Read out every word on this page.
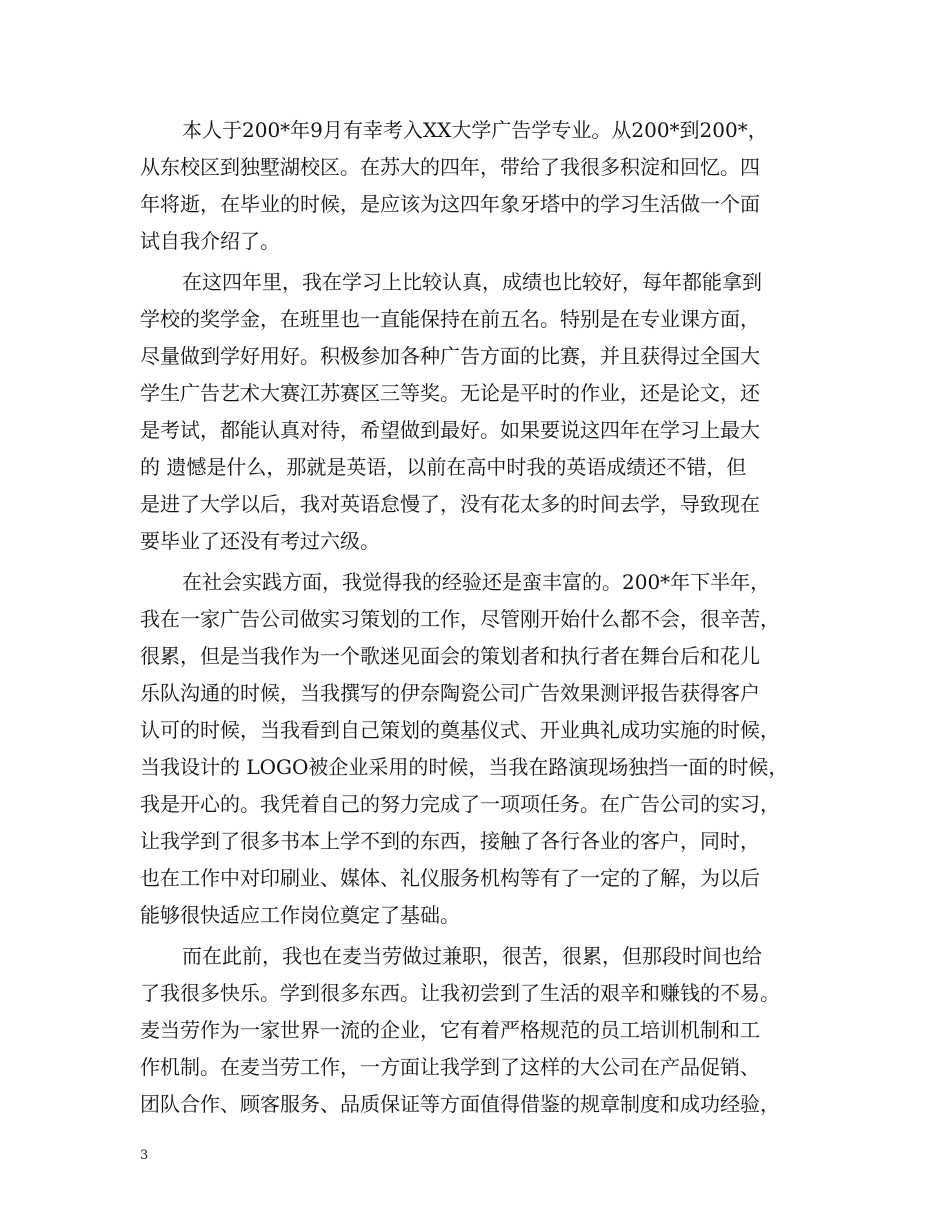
本人于200*年9月有幸考入XX大学广告学专业。从200*到200*，
从东校区到独墅湖校区。在苏大的四年，带给了我很多积淀和回忆。四
年将逝，在毕业的时候，是应该为这四年象牙塔中的学习生活做一个面
试自我介绍了。
在这四年里，我在学习上比较认真，成绩也比较好，每年都能拿到
学校的奖学金，在班里也一直能保持在前五名。特别是在专业课方面，
尽量做到学好用好。积极参加各种广告方面的比赛，并且获得过全国大
学生广告艺术大赛江苏赛区三等奖。无论是平时的作业，还是论文，还
是考试，都能认真对待，希望做到最好。如果要说这四年在学习上最大
的 遗憾是什么，那就是英语，以前在高中时我的英语成绩还不错，但
是进了大学以后，我对英语怠慢了，没有花太多的时间去学，导致现在
要毕业了还没有考过六级。
在社会实践方面，我觉得我的经验还是蛮丰富的。200*年下半年，
我在一家广告公司做实习策划的工作，尽管刚开始什么都不会，很辛苦，
很累，但是当我作为一个歌迷见面会的策划者和执行者在舞台后和花儿
乐队沟通的时候，当我撰写的伊奈陶瓷公司广告效果测评报告获得客户
认可的时候，当我看到自己策划的奠基仪式、开业典礼成功实施的时候，
当我设计的 LOGO被企业采用的时候，当我在路演现场独挡一面的时候，
我是开心的。我凭着自己的努力完成了一项项任务。在广告公司的实习，
让我学到了很多书本上学不到的东西，接触了各行各业的客户，同时，
也在工作中对印刷业、媒体、礼仪服务机构等有了一定的了解，为以后
能够很快适应工作岗位奠定了基础。
而在此前，我也在麦当劳做过兼职，很苦，很累，但那段时间也给
了我很多快乐。学到很多东西。让我初尝到了生活的艰辛和赚钱的不易。
麦当劳作为一家世界一流的企业，它有着严格规范的员工培训机制和工
作机制。在麦当劳工作，一方面让我学到了这样的大公司在产品促销、
团队合作、顾客服务、品质保证等方面值得借鉴的规章制度和成功经验，
3
